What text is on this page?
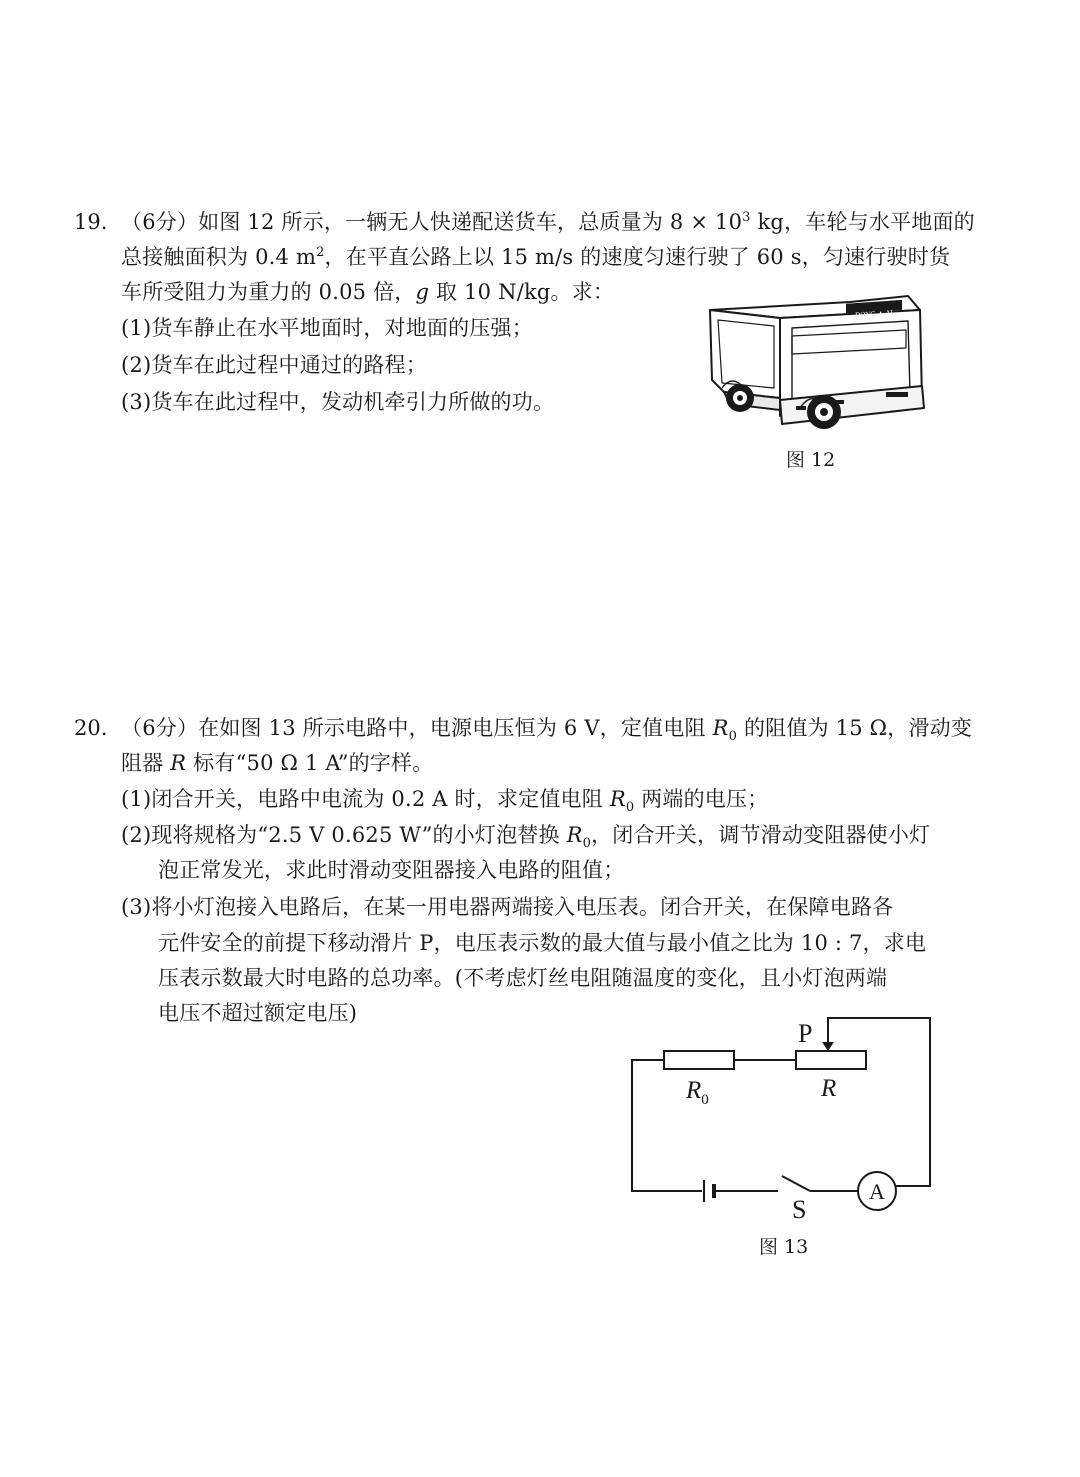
19. （6分）如图 12 所示，一辆无人快递配送货车，总质量为 $8 \times 10^3$ kg，车轮与水平地面的
总接触面积为 0.4 $m^2$，在平直公路上以 15 m/s 的速度匀速行驶了 60 s，匀速行驶时货
车所受阻力为重力的 0.05 倍，g 取 10 N/kg。求：
(1)货车静止在水平地面时，对地面的压强；
(2)货车在此过程中通过的路程；
(3)货车在此过程中，发动机牵引力所做的功。
DONG ▲ AI
图 12
20. （6分）在如图 13 所示电路中，电源电压恒为 6 V，定值电阻 $R_0$ 的阻值为 15 Ω，滑动变
阻器 R 标有“50 Ω 1 A”的字样。
(1)闭合开关，电路中电流为 0.2 A 时，求定值电阻 $R_0$ 两端的电压；
(2)现将规格为“2.5 V 0.625 W”的小灯泡替换 $R_0$，闭合开关，调节滑动变阻器使小灯
泡正常发光，求此时滑动变阻器接入电路的阻值；
(3)将小灯泡接入电路后，在某一用电器两端接入电压表。闭合开关，在保障电路各
元件安全的前提下移动滑片 P，电压表示数的最大值与最小值之比为 10 : 7，求电
压表示数最大时电路的总功率。(不考虑灯丝电阻随温度的变化，且小灯泡两端
电压不超过额定电压)
P
$R_0$	R
S
A
图 13
